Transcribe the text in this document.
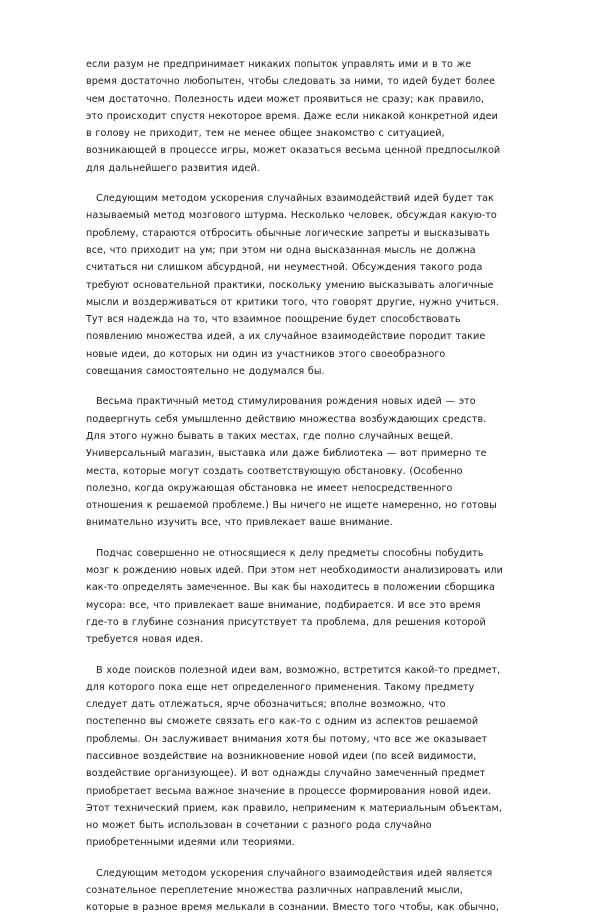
если разум не предпринимает никаких попыток управлять ими и в то же
время достаточно любопытен, чтобы следовать за ними, то идей будет более
чем достаточно. Полезность идеи может проявиться не сразу; как правило,
это происходит спустя некоторое время. Даже если никакой конкретной идеи
в голову не приходит, тем не менее общее знакомство с ситуацией,
возникающей в процессе игры, может оказаться весьма ценной предпосылкой
для дальнейшего развития идей.

Следующим методом ускорения случайных взаимодействий идей будет так
называемый метод мозгового штурма. Несколько человек, обсуждая какую-то
проблему, стараются отбросить обычные логические запреты и высказывать
все, что приходит на ум; при этом ни одна высказанная мысль не должна
считаться ни слишком абсурдной, ни неуместной. Обсуждения такого рода
требуют основательной практики, поскольку умению высказывать алогичные
мысли и воздерживаться от критики того, что говорят другие, нужно учиться.
Тут вся надежда на то, что взаимное поощрение будет способствовать
появлению множества идей, а их случайное взаимодействие породит такие
новые идеи, до которых ни один из участников этого своеобразного
совещания самостоятельно не додумался бы.

Весьма практичный метод стимулирования рождения новых идей — это
подвергнуть себя умышленно действию множества возбуждающих средств.
Для этого нужно бывать в таких местах, где полно случайных вещей.
Универсальный магазин, выставка или даже библиотека — вот примерно те
места, которые могут создать соответствующую обстановку. (Особенно
полезно, когда окружающая обстановка не имеет непосредственного
отношения к решаемой проблеме.) Вы ничего не ищете намеренно, но готовы
внимательно изучить все, что привлекает ваше внимание.

Подчас совершенно не относящиеся к делу предметы способны побудить
мозг к рождению новых идей. При этом нет необходимости анализировать или
как-то определять замеченное. Вы как бы находитесь в положении сборщика
мусора: все, что привлекает ваше внимание, подбирается. И все это время
где-то в глубине сознания присутствует та проблема, для решения которой
требуется новая идея.

В ходе поисков полезной идеи вам, возможно, встретится какой-то предмет,
для которого пока еще нет определенного применения. Такому предмету
следует дать отлежаться, ярче обозначиться; вполне возможно, что
постепенно вы сможете связать его как-то с одним из аспектов решаемой
проблемы. Он заслуживает внимания хотя бы потому, что все же оказывает
пассивное воздействие на возникновение новой идеи (по всей видимости,
воздействие организующее). И вот однажды случайно замеченный предмет
приобретает весьма важное значение в процессе формирования новой идеи.
Этот технический прием, как правило, неприменим к материальным объектам,
но может быть использован в сочетании с разного рода случайно
приобретенными идеями или теориями.

Следующим методом ускорения случайного взаимодействия идей является
сознательное переплетение множества различных направлений мысли,
которые в разное время мелькали в сознании. Вместо того чтобы, как обычно,
